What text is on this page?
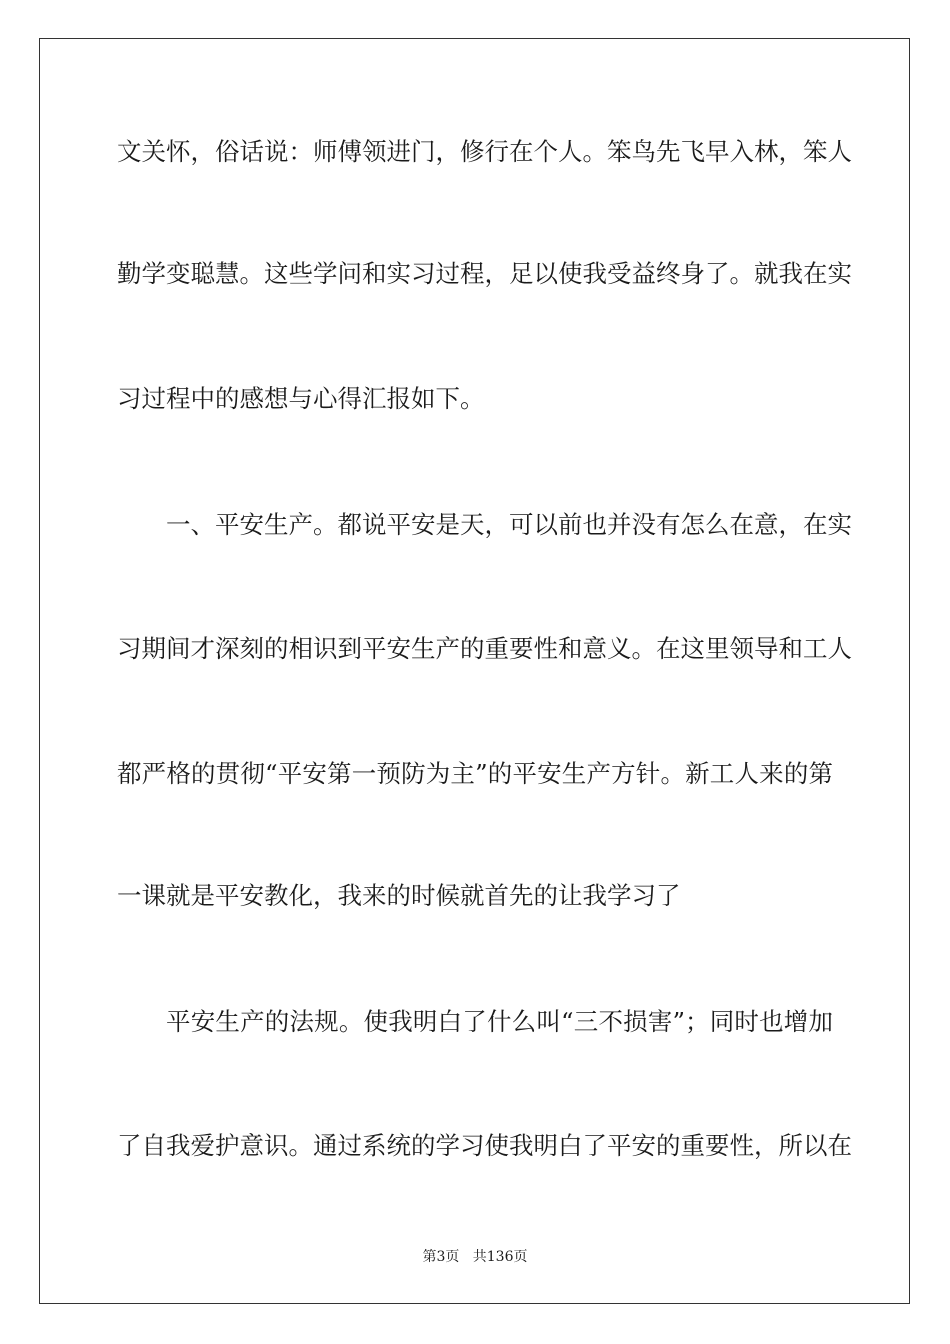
文关怀，俗话说：师傅领进门，修行在个人。笨鸟先飞早入林，笨人
勤学变聪慧。这些学问和实习过程，足以使我受益终身了。就我在实
习过程中的感想与心得汇报如下。
一、平安生产。都说平安是天，可以前也并没有怎么在意，在实
习期间才深刻的相识到平安生产的重要性和意义。在这里领导和工人
都严格的贯彻“平安第一预防为主”的平安生产方针。新工人来的第
一课就是平安教化，我来的时候就首先的让我学习了
平安生产的法规。使我明白了什么叫“三不损害”；同时也增加
了自我爱护意识。通过系统的学习使我明白了平安的重要性，所以在
第3页 共136页
